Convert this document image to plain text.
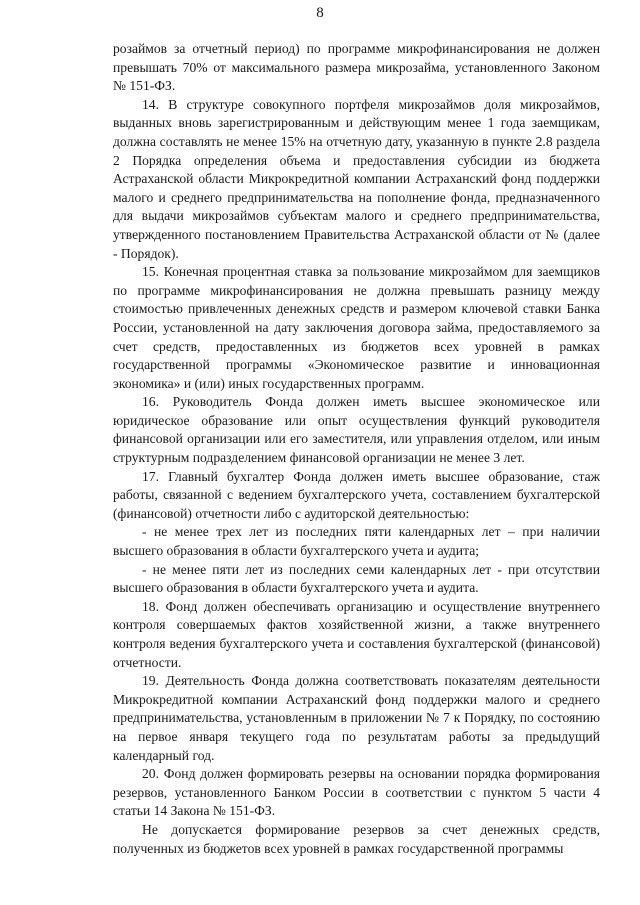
8

розаймов за отчетный период) по программе микрофинансирования не должен превышать 70% от максимального размера микрозайма, установленного Законом № 151-ФЗ.

14. В структуре совокупного портфеля микрозаймов доля микрозаймов, выданных вновь зарегистрированным и действующим менее 1 года заемщикам, должна составлять не менее 15% на отчетную дату, указанную в пункте 2.8 раздела 2 Порядка определения объема и предоставления субсидии из бюджета Астраханской области Микрокредитной компании Астраханский фонд поддержки малого и среднего предпринимательства на пополнение фонда, предназначенного для выдачи микрозаймов субъектам малого и среднего предпринимательства, утвержденного постановлением Правительства Астраханской области от № (далее - Порядок).

15. Конечная процентная ставка за пользование микрозаймом для заемщиков по программе микрофинансирования не должна превышать разницу между стоимостью привлеченных денежных средств и размером ключевой ставки Банка России, установленной на дату заключения договора займа, предоставляемого за счет средств, предоставленных из бюджетов всех уровней в рамках государственной программы «Экономическое развитие и инновационная экономика» и (или) иных государственных программ.

16. Руководитель Фонда должен иметь высшее экономическое или юридическое образование или опыт осуществления функций руководителя финансовой организации или его заместителя, или управления отделом, или иным структурным подразделением финансовой организации не менее 3 лет.

17. Главный бухгалтер Фонда должен иметь высшее образование, стаж работы, связанной с ведением бухгалтерского учета, составлением бухгалтерской (финансовой) отчетности либо с аудиторской деятельностью:

- не менее трех лет из последних пяти календарных лет – при наличии высшего образования в области бухгалтерского учета и аудита;

- не менее пяти лет из последних семи календарных лет - при отсутствии высшего образования в области бухгалтерского учета и аудита.

18. Фонд должен обеспечивать организацию и осуществление внутреннего контроля совершаемых фактов хозяйственной жизни, а также внутреннего контроля ведения бухгалтерского учета и составления бухгалтерской (финансовой) отчетности.

19. Деятельность Фонда должна соответствовать показателям деятельности Микрокредитной компании Астраханский фонд поддержки малого и среднего предпринимательства, установленным в приложении № 7 к Порядку, по состоянию на первое января текущего года по результатам работы за предыдущий календарный год.

20. Фонд должен формировать резервы на основании порядка формирования резервов, установленного Банком России в соответствии с пунктом 5 части 4 статьи 14 Закона № 151-ФЗ.

Не допускается формирование резервов за счет денежных средств, полученных из бюджетов всех уровней в рамках государственной программы
